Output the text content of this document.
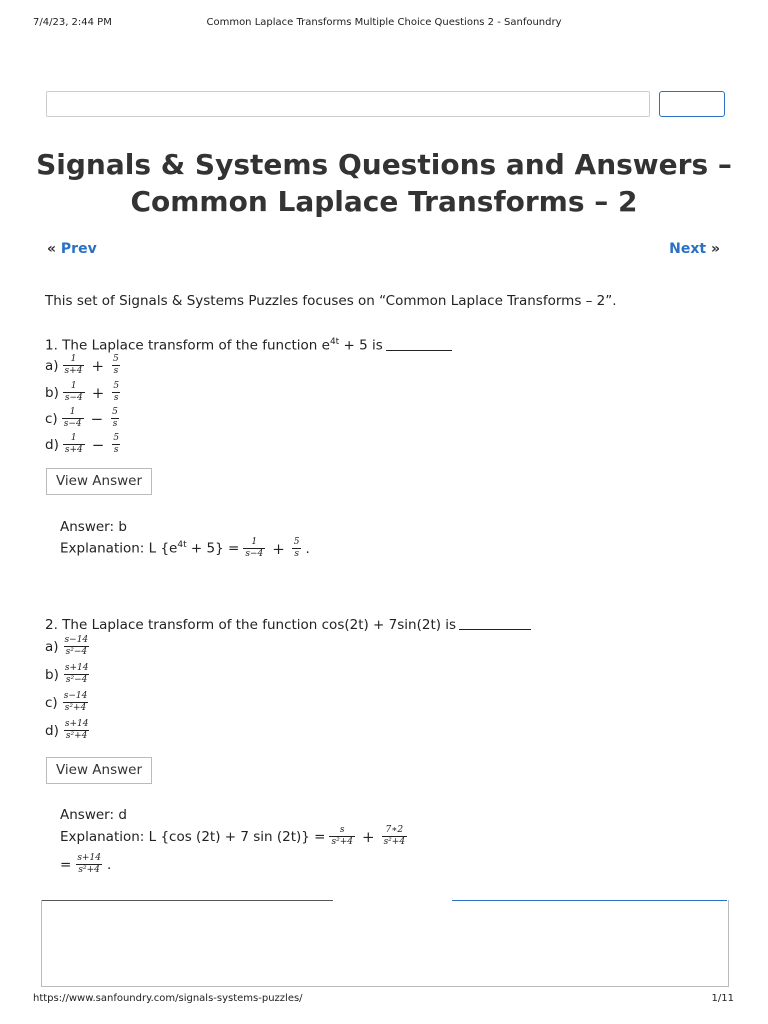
7/4/23, 2:44 PM	Common Laplace Transforms Multiple Choice Questions 2 - Sanfoundry
Signals & Systems Questions and Answers –
Common Laplace Transforms – 2
« Prev	Next »
This set of Signals & Systems Puzzles focuses on “Common Laplace Transforms – 2”.
1. The Laplace transform of the function $e^{4t} + 5$ is
$a) \frac{1}{s+4} + \frac{5}{s}$
$b) \frac{1}{s-4} + \frac{5}{s}$
$c) \frac{1}{s-4} - \frac{5}{s}$
$d) \frac{1}{s+4} - \frac{5}{s}$
View Answer
Answer: b
Explanation: L $\{e^{4t} + 5\} = \frac{1}{s-4} + \frac{5}{s}$ .
2. The Laplace transform of the function cos(2t) + 7sin(2t) is
$a) \frac{s-14}{\text{s²−4}}$
$b) \frac{s+14}{\text{s²−4}}$
$c) \frac{s-14}{\text{s²+4}}$
$d) \frac{s+14}{\text{s²+4}}$
View Answer
Answer: d
Explanation: L {cos (2t) + 7 $\sin (2t)\} = \frac{s}{\text{s²+4}} + \frac{7∗2}{\text{s²+4}}$
= $\frac{s+14}{\text{s²+4}}$ .
https://www.sanfoundry.com/signals-systems-puzzles/	1/11
